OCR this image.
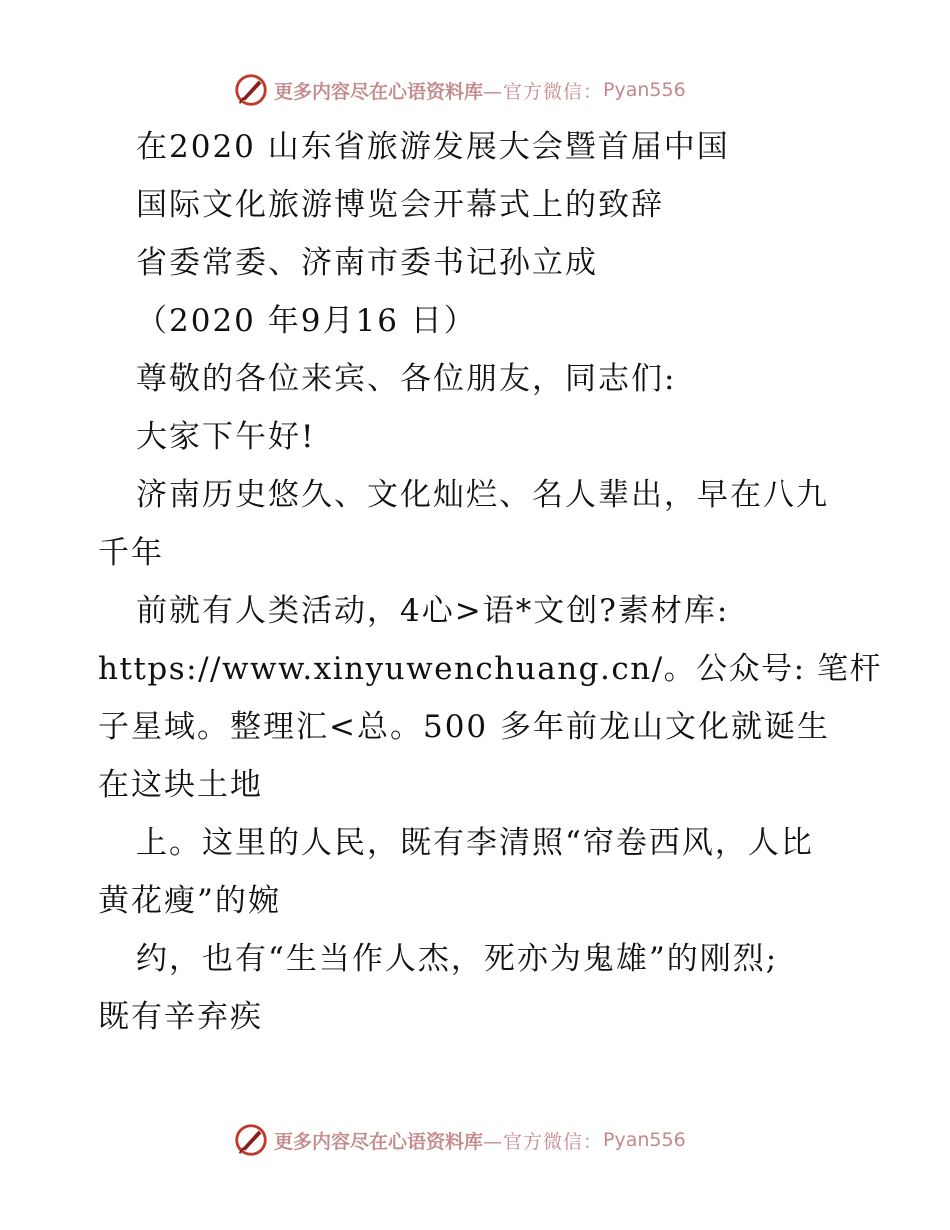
更多内容尽在心语资料库 —官方微信： Pyan556
在2020 山东省旅游发展大会暨首届中国
国际文化旅游博览会开幕式上的致辞
省委常委、济南市委书记孙立成
（2020 年9月16 日）
尊敬的各位来宾、各位朋友，同志们:
大家下午好!
济南历史悠久、文化灿烂、名人辈出，早在八九
千年
前就有人类活动，4心>语*文创?素材库:
https://www.xinyuwenchuang.cn/。公众号: 笔杆
子星域。整理汇<总。500 多年前龙山文化就诞生
在这块土地
上。这里的人民，既有李清照“帘卷西风，人比
黄花瘦”的婉
约，也有“生当作人杰，死亦为鬼雄”的刚烈;
既有辛弃疾
更多内容尽在心语资料库 —官方微信： Pyan556
